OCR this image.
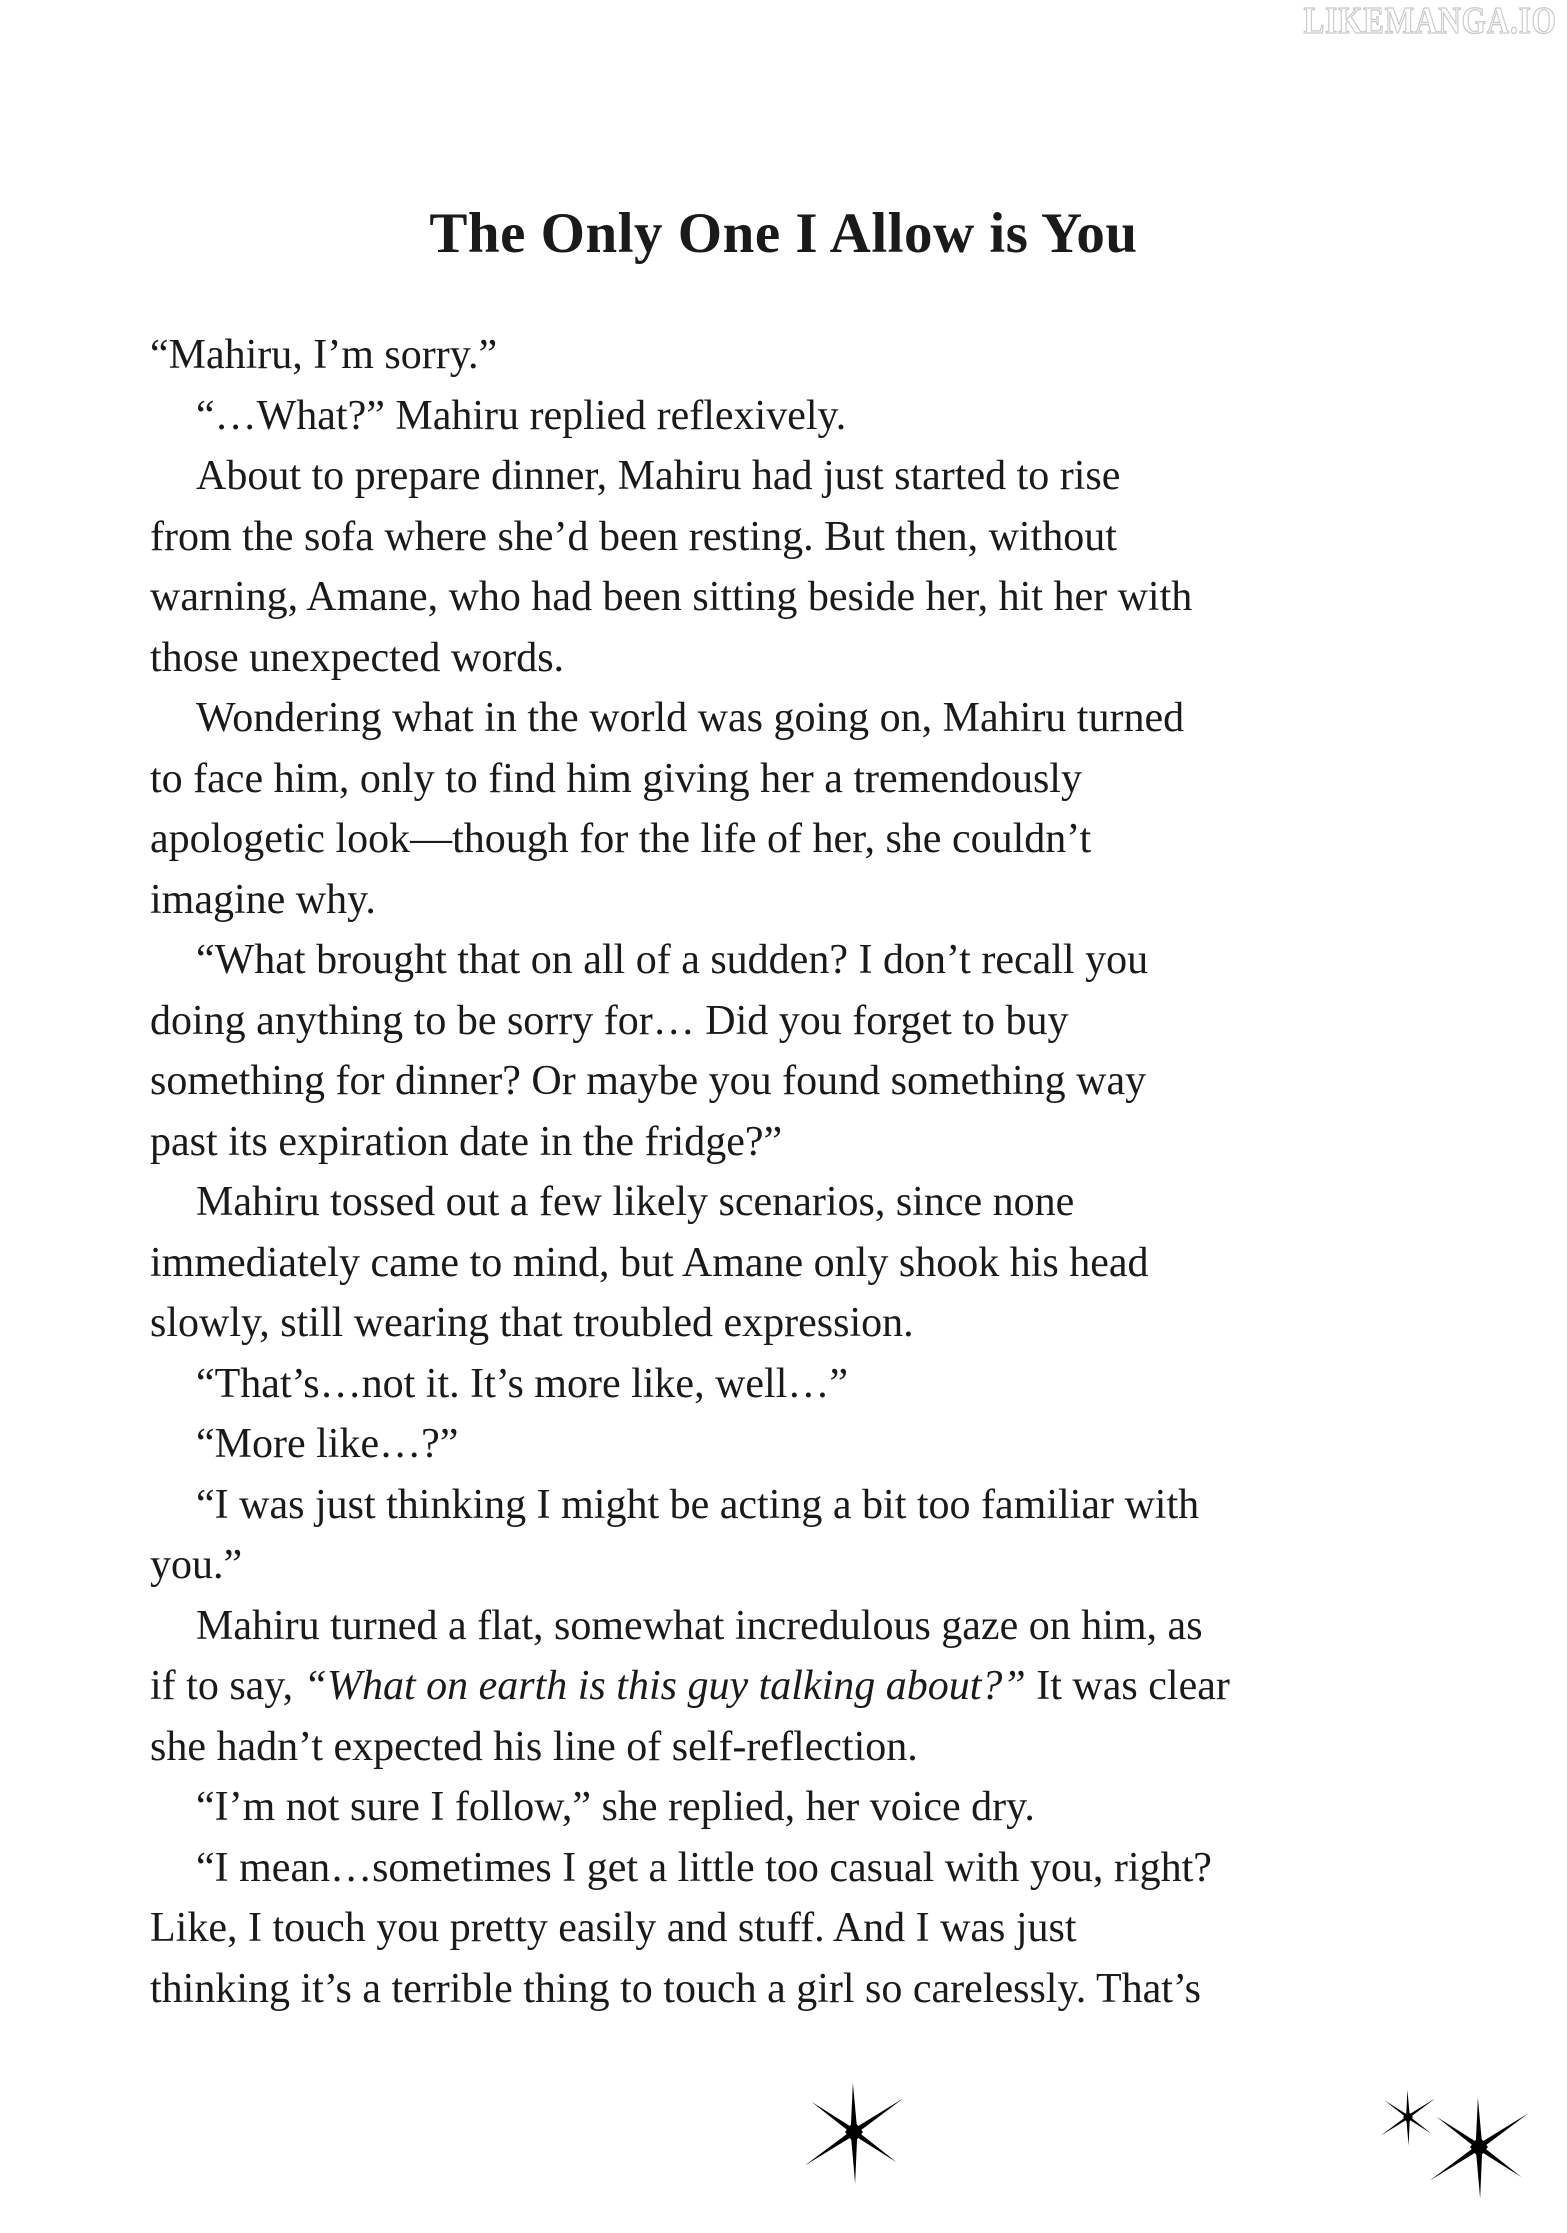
LIKEMANGA.IO
The Only One I Allow is You
“Mahiru, I’m sorry.”
“…What?” Mahiru replied reflexively.
About to prepare dinner, Mahiru had just started to rise
from the sofa where she’d been resting. But then, without
warning, Amane, who had been sitting beside her, hit her with
those unexpected words.
Wondering what in the world was going on, Mahiru turned
to face him, only to find him giving her a tremendously
apologetic look—though for the life of her, she couldn’t
imagine why.
“What brought that on all of a sudden? I don’t recall you
doing anything to be sorry for… Did you forget to buy
something for dinner? Or maybe you found something way
past its expiration date in the fridge?”
Mahiru tossed out a few likely scenarios, since none
immediately came to mind, but Amane only shook his head
slowly, still wearing that troubled expression.
“That’s…not it. It’s more like, well…”
“More like…?”
“I was just thinking I might be acting a bit too familiar with
you.”
Mahiru turned a flat, somewhat incredulous gaze on him, as
if to say, “What on earth is this guy talking about?” It was clear
she hadn’t expected his line of self-reflection.
“I’m not sure I follow,” she replied, her voice dry.
“I mean…sometimes I get a little too casual with you, right?
Like, I touch you pretty easily and stuff. And I was just
thinking it’s a terrible thing to touch a girl so carelessly. That’s
